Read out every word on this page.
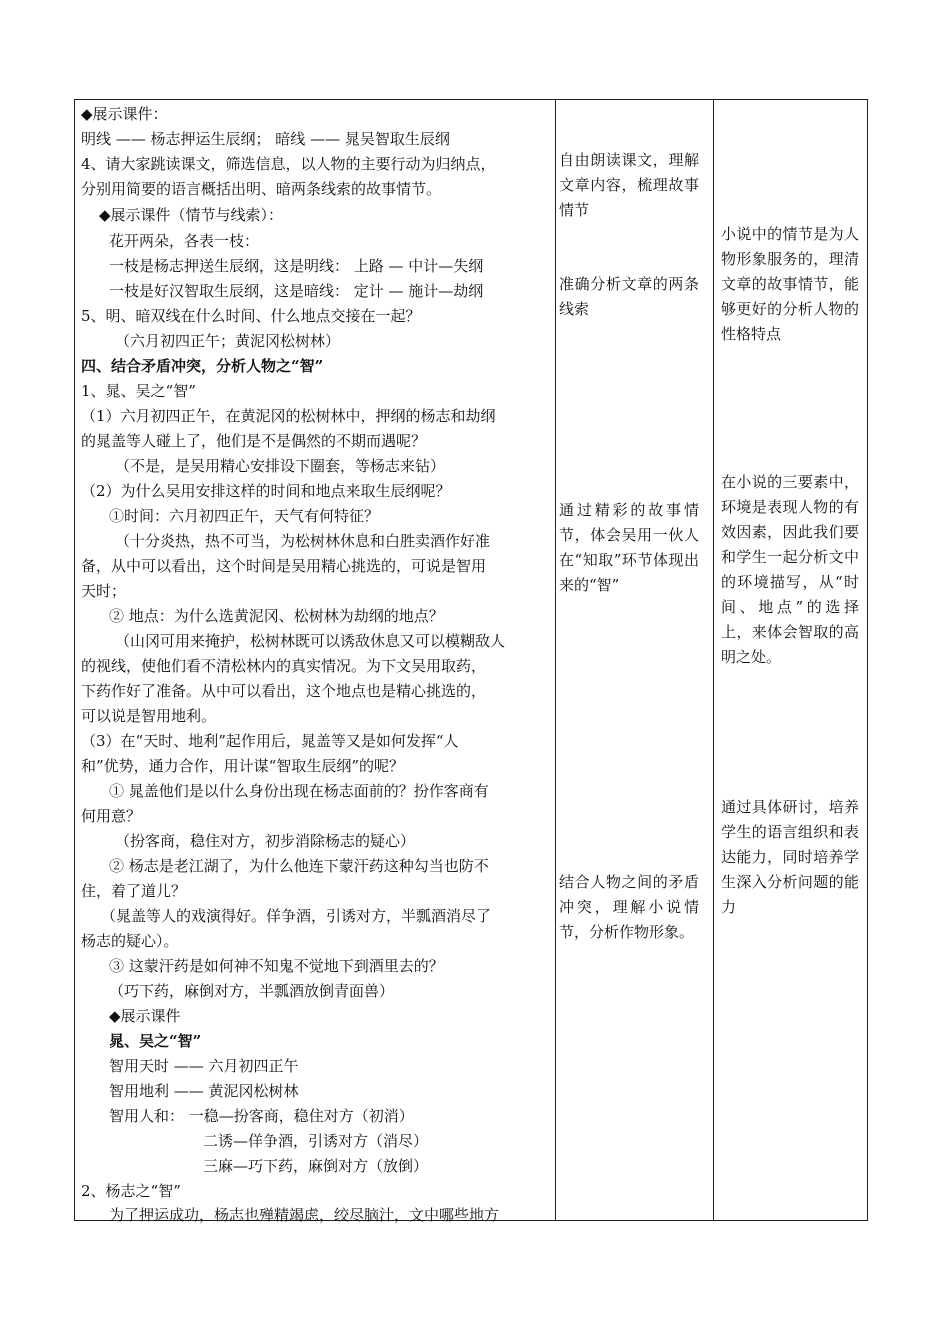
◆展示课件：
明线 —— 杨志押运生辰纲； 暗线 —— 晁吴智取生辰纲
4、请大家跳读课文，筛选信息，以人物的主要行动为归纳点，
分别用简要的语言概括出明、暗两条线索的故事情节。
◆展示课件（情节与线索）：
花开两朵，各表一枝：
一枝是杨志押送生辰纲，这是明线： 上路 — 中计—失纲
一枝是好汉智取生辰纲，这是暗线： 定计 — 施计—劫纲
5、明、暗双线在什么时间、什么地点交接在一起？
（六月初四正午；黄泥冈松树林）
四、结合矛盾冲突，分析人物之“智”
1、晁、吴之“智”
（1）六月初四正午，在黄泥冈的松树林中，押纲的杨志和劫纲
的晁盖等人碰上了，他们是不是偶然的不期而遇呢？
（不是，是吴用精心安排设下圈套，等杨志来钻）
（2）为什么吴用安排这样的时间和地点来取生辰纲呢？
①时间：六月初四正午，天气有何特征？
（十分炎热，热不可当，为松树林休息和白胜卖酒作好准
备，从中可以看出，这个时间是吴用精心挑选的，可说是智用
天时；
② 地点：为什么选黄泥冈、松树林为劫纲的地点？
（山冈可用来掩护，松树林既可以诱敌休息又可以模糊敌人
的视线，使他们看不清松林内的真实情况。为下文吴用取药，
下药作好了准备。从中可以看出，这个地点也是精心挑选的，
可以说是智用地利。
（3）在“天时、地利”起作用后，晁盖等又是如何发挥“人
和”优势，通力合作，用计谋“智取生辰纲”的呢？
① 晁盖他们是以什么身份出现在杨志面前的？扮作客商有
何用意？
（扮客商，稳住对方，初步消除杨志的疑心）
② 杨志是老江湖了，为什么他连下蒙汗药这种勾当也防不
住，着了道儿？
（晁盖等人的戏演得好。佯争酒，引诱对方，半瓢酒消尽了
杨志的疑心）。
③ 这蒙汗药是如何神不知鬼不觉地下到酒里去的？
（巧下药，麻倒对方，半瓢酒放倒青面兽）
◆展示课件
晁、吴之“智”
智用天时 —— 六月初四正午
智用地利 —— 黄泥冈松树林
智用人和： 一稳—扮客商，稳住对方（初消）
二诱—佯争酒，引诱对方（消尽）
三麻—巧下药，麻倒对方（放倒）
2、杨志之“智”
为了押运成功，杨志也殚精竭虑，绞尽脑汁，文中哪些地方
自由朗读课文，理解文章内容，梳理故事情节
准确分析文章的两条线索
通过精彩的故事情节，体会吴用一伙人在“知取”环节体现出来的“智”
结合人物之间的矛盾冲突，理解小说情节，分析作物形象。
小说中的情节是为人物形象服务的，理清文章的故事情节，能够更好的分析人物的性格特点
在小说的三要素中，环境是表现人物的有效因素，因此我们要和学生一起分析文中的环境描写，从“时间、地点”的选择上，来体会智取的高明之处。
通过具体研讨，培养学生的语言组织和表达能力，同时培养学生深入分析问题的能力
